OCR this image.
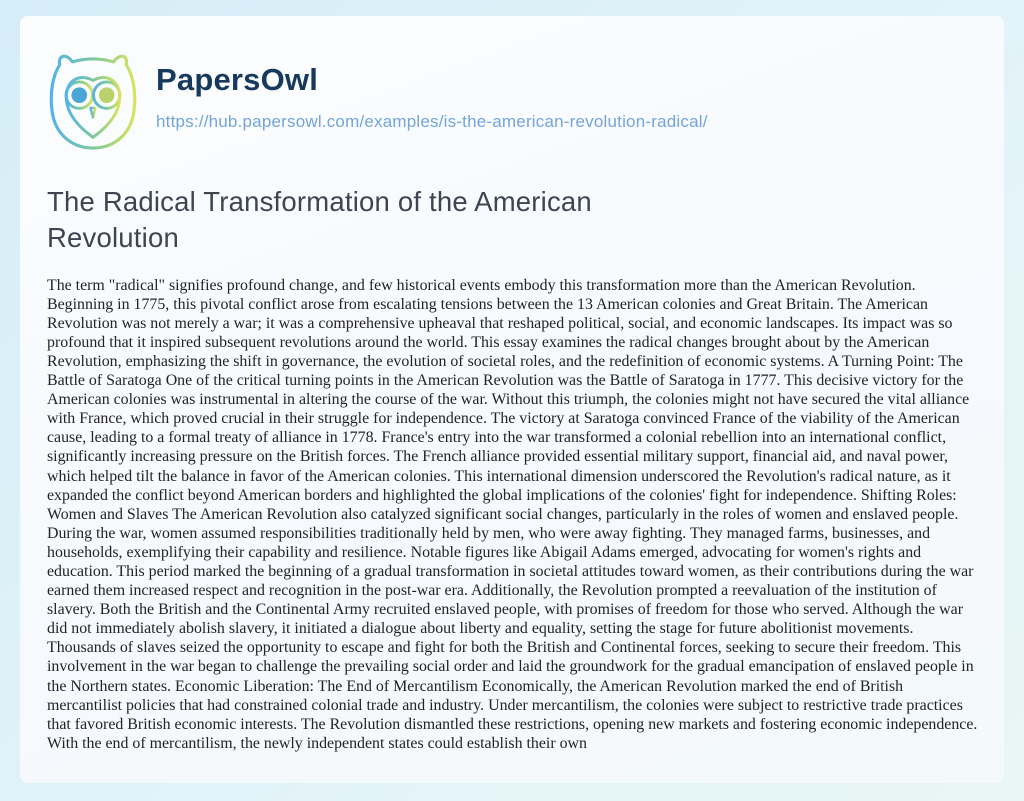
PapersOwl
https://hub.papersowl.com/examples/is-the-american-revolution-radical/
The Radical Transformation of the American Revolution

The term "radical" signifies profound change, and few historical events embody this transformation more than the American Revolution. Beginning in 1775, this pivotal conflict arose from escalating tensions between the 13 American colonies and Great Britain. The American Revolution was not merely a war; it was a comprehensive upheaval that reshaped political, social, and economic landscapes. Its impact was so profound that it inspired subsequent revolutions around the world. This essay examines the radical changes brought about by the American Revolution, emphasizing the shift in governance, the evolution of societal roles, and the redefinition of economic systems. A Turning Point: The Battle of Saratoga One of the critical turning points in the American Revolution was the Battle of Saratoga in 1777. This decisive victory for the American colonies was instrumental in altering the course of the war. Without this triumph, the colonies might not have secured the vital alliance with France, which proved crucial in their struggle for independence. The victory at Saratoga convinced France of the viability of the American cause, leading to a formal treaty of alliance in 1778. France's entry into the war transformed a colonial rebellion into an international conflict, significantly increasing pressure on the British forces. The French alliance provided essential military support, financial aid, and naval power, which helped tilt the balance in favor of the American colonies. This international dimension underscored the Revolution's radical nature, as it expanded the conflict beyond American borders and highlighted the global implications of the colonies' fight for independence. Shifting Roles: Women and Slaves The American Revolution also catalyzed significant social changes, particularly in the roles of women and enslaved people. During the war, women assumed responsibilities traditionally held by men, who were away fighting. They managed farms, businesses, and households, exemplifying their capability and resilience. Notable figures like Abigail Adams emerged, advocating for women's rights and education. This period marked the beginning of a gradual transformation in societal attitudes toward women, as their contributions during the war earned them increased respect and recognition in the post-war era. Additionally, the Revolution prompted a reevaluation of the institution of slavery. Both the British and the Continental Army recruited enslaved people, with promises of freedom for those who served. Although the war did not immediately abolish slavery, it initiated a dialogue about liberty and equality, setting the stage for future abolitionist movements. Thousands of slaves seized the opportunity to escape and fight for both the British and Continental forces, seeking to secure their freedom. This involvement in the war began to challenge the prevailing social order and laid the groundwork for the gradual emancipation of enslaved people in the Northern states. Economic Liberation: The End of Mercantilism Economically, the American Revolution marked the end of British mercantilist policies that had constrained colonial trade and industry. Under mercantilism, the colonies were subject to restrictive trade practices that favored British economic interests. The Revolution dismantled these restrictions, opening new markets and fostering economic independence. With the end of mercantilism, the newly independent states could establish their own
